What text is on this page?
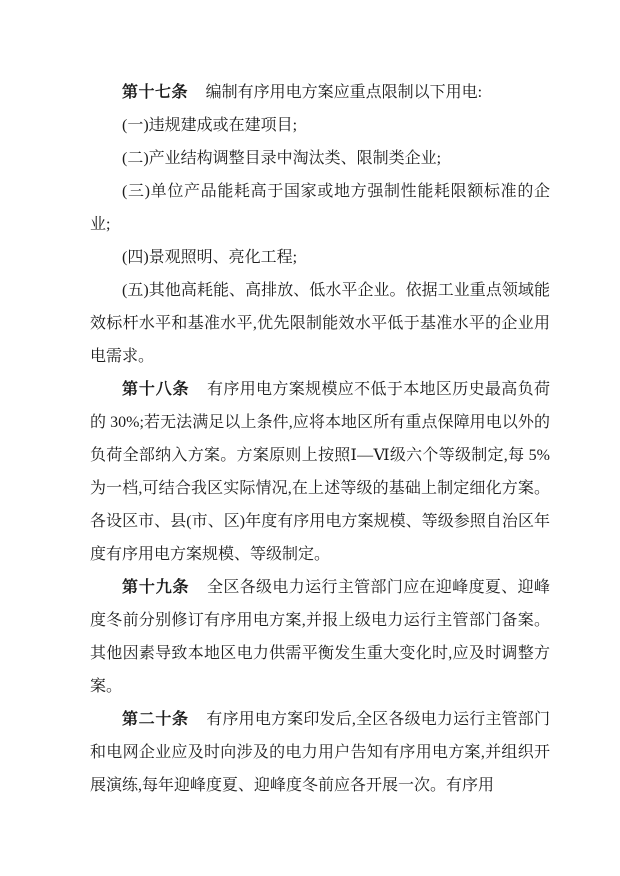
第十七条 编制有序用电方案应重点限制以下用电:

(一)违规建成或在建项目;

(二)产业结构调整目录中淘汰类、限制类企业;

(三)单位产品能耗高于国家或地方强制性能耗限额标准的企业;

(四)景观照明、亮化工程;

(五)其他高耗能、高排放、低水平企业。依据工业重点领域能效标杆水平和基准水平,优先限制能效水平低于基准水平的企业用电需求。

第十八条 有序用电方案规模应不低于本地区历史最高负荷的 30%;若无法满足以上条件,应将本地区所有重点保障用电以外的负荷全部纳入方案。方案原则上按照Ⅰ—Ⅵ级六个等级制定,每 5%为一档,可结合我区实际情况,在上述等级的基础上制定细化方案。各设区市、县(市、区)年度有序用电方案规模、等级参照自治区年度有序用电方案规模、等级制定。

第十九条 全区各级电力运行主管部门应在迎峰度夏、迎峰度冬前分别修订有序用电方案,并报上级电力运行主管部门备案。其他因素导致本地区电力供需平衡发生重大变化时,应及时调整方案。

第二十条 有序用电方案印发后,全区各级电力运行主管部门和电网企业应及时向涉及的电力用户告知有序用电方案,并组织开展演练,每年迎峰度夏、迎峰度冬前应各开展一次。有序用
